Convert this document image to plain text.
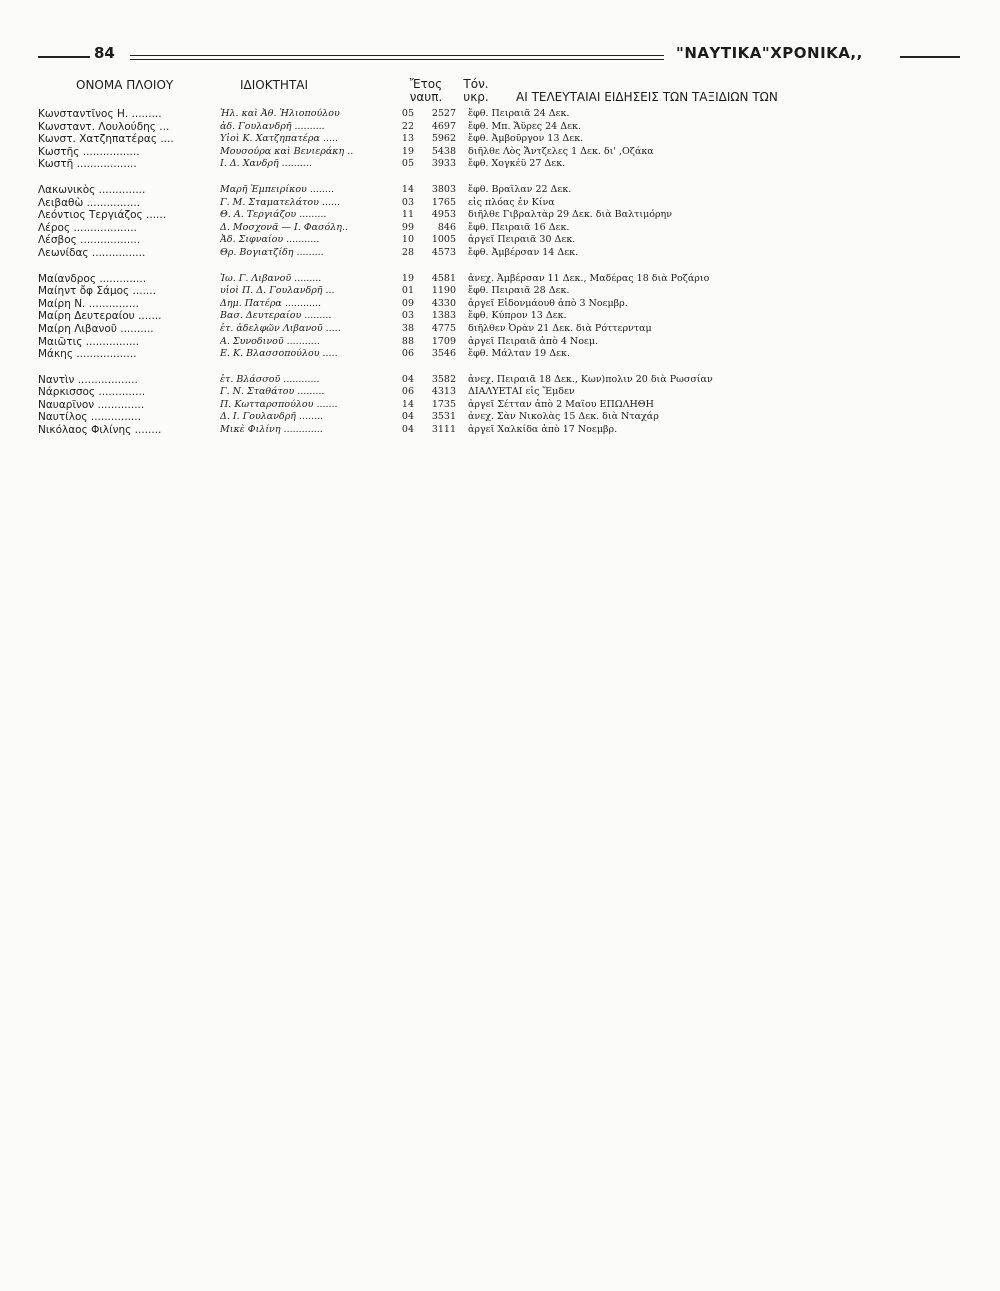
84	"ΝΑΥΤΙΚΑ"ΧΡΟΝΙΚΑ,,
ΟΝΟΜΑ ΠΛΟΙΟΥ	ΙΔΙΟΚΤΗΤΑΙ	Ἔτος ναυπ.
Τόν. υκρ.	ΑΙ ΤΕΛΕΥΤΑΙΑΙ ΕΙΔΗΣΕΙΣ ΤΩΝ ΤΑΞΙΔΙΩΝ ΤΩΝ
Κωνσταντῖνος Η. .........	Ἠλ. καὶ Ἀθ. Ἠλιοπούλου	05	2527	ἔφθ. Πειραιᾶ 24 Δεκ.
Κωνσταντ. Λουλούδης ...	ἀδ. Γουλανδρῆ ..........	22	4697	ἔφθ. Μπ. Ἄϋρες 24 Δεκ.
Κωνστ. Χατζηπατέρας ....	Υἱοὶ Κ. Χατζηπατέρα .....	13	5962	ἔφθ. Ἀμβοῦργον 13 Δεκ.
Κωστῆς .................	Μουσούρα καὶ Βενιεράκη ..	19	5438	διῆλθε Λὸς Ἄντζελες 1 Δεκ. δι' ,Οζάκα
Κωστῆ ..................	Ι. Δ. Χανδρῆ ..........	05	3933	ἔφθ. Χογκέϋ 27 Δεκ.
Λακωνικὸς ..............	Μαρῆ Ἐμπειρίκου ........	14	3803	ἔφθ. Βραΐλαν 22 Δεκ.
Λειβαθὼ ................	Γ. Μ. Σταματελάτου ......	03	1765	εἰς πλόας ἐν Κίνα
Λεόντιος Τεργιάζος ......	Θ. Α. Τεργιάζου .........	11	4953	διῆλθε Γιβραλτὰρ 29 Δεκ. διὰ Βαλτιμόρην
Λέρος ...................	Δ. Μοσχονᾶ — Ι. Φασόλη..	99	846	ἔφθ. Πειραιᾶ 16 Δεκ.
Λέσβος ..................	Ἀδ. Σιφναίου ...........	10	1005	ἀργεῖ Πειραιᾶ 30 Δεκ.
Λεωνίδας ................	Θρ. Βογιατζίδη .........	28	4573	ἔφθ. Ἀμβέρσαν 14 Δεκ.
Μαίανδρος ..............	Ἰω. Γ. Λιβανοῦ .........	19	4581	ἀνεχ. Ἀμβέρσαν 11 Δεκ., Μαδέρας 18 διὰ Ροζάριο
Μαίηντ ὄφ Σάμος .......	υἱοὶ Π. Δ. Γουλανδρῆ ...	01	1190	ἔφθ. Πειραιᾶ 28 Δεκ.
Μαίρη Ν. ...............	Δημ. Πατέρα ............	09	4330	ἀργεῖ Εἰδονμάουθ ἀπὸ 3 Νοεμβρ.
Μαίρη Δευτεραίου .......	Βασ. Δευτεραίου .........	03	1383	ἔφθ. Κύπρον 13 Δεκ.
Μαίρη Λιβανοῦ ..........	ἑτ. ἀδελφῶν Λιβανοῦ .....	38	4775	διῆλθεν Ὀρὰν 21 Δεκ. διὰ Ρόττερνταμ
Μαιῶτις ................	Α. Συνοδινοῦ ...........	88	1709	ἀργεῖ Πειραιᾶ ἀπὸ 4 Νοεμ.
Μάκης ..................	Ε. Κ. Βλασσοπούλου .....	06	3546	ἔφθ. Μάλταν 19 Δεκ.
Ναντὶν ..................	ἑτ. Βλάσσοῦ ............	04	3582	ἀνεχ. Πειραιᾶ 18 Δεκ., Κων)πολιν 20 διὰ Ρωσσίαν
Νάρκισσος ..............	Γ. Ν. Σταθάτου .........	06	4313	ΔΙΑΛΥΕΤΑΙ εἰς Ἔμδεν
Ναυαρῖνον ..............	Π. Κωτταρσπούλου .......	14	1735	ἀργεῖ Σέτταν ἀπὸ 2 Μαΐου ΕΠΩΛΗΘΗ
Ναυτίλος ...............	Δ. Ι. Γουλανδρῆ ........	04	3531	ἀνεχ. Σὰν Νικολὰς 15 Δεκ. διὰ Νταχάρ
Νικόλαος Φιλίνης ........	Μικὲ Φιλίνη .............	04	3111	ἀργεῖ Χαλκίδα ἀπὸ 17 Νοεμβρ.
